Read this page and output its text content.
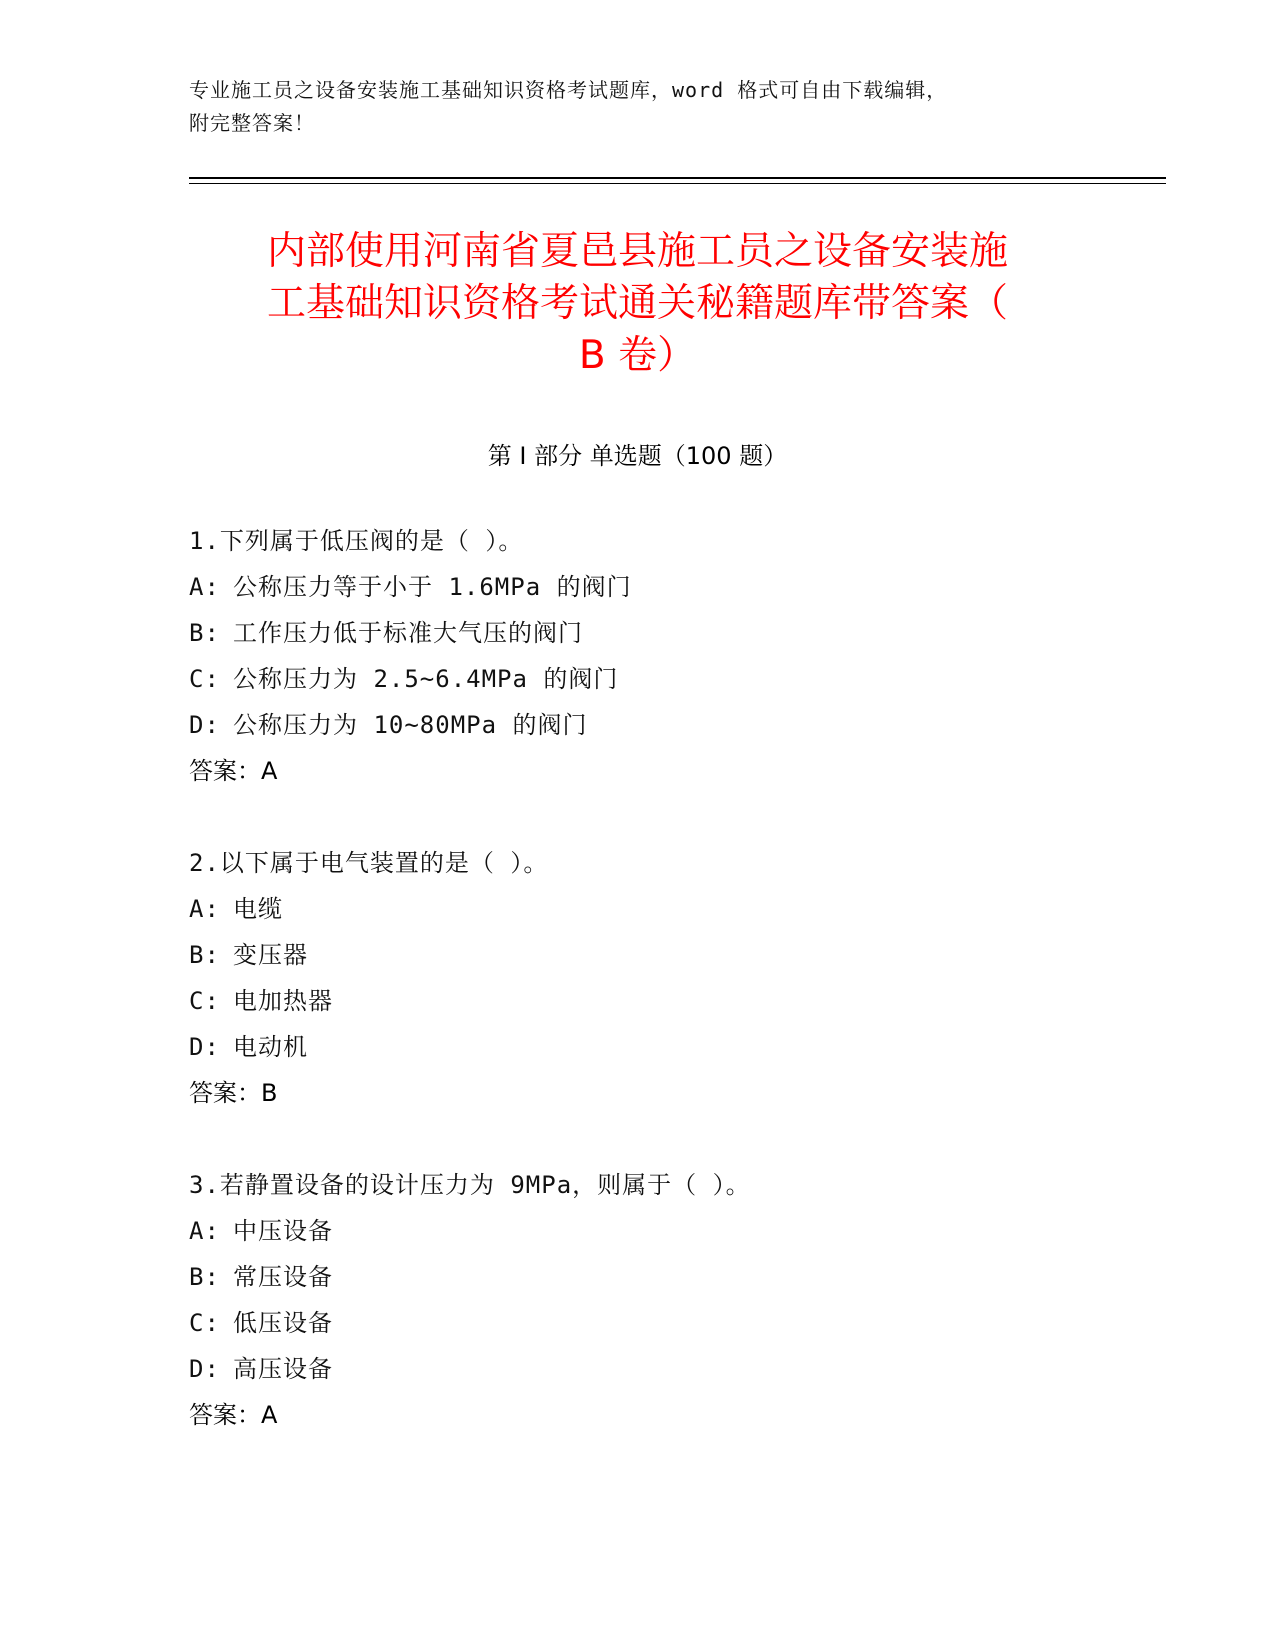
专业施工员之设备安装施工基础知识资格考试题库，word 格式可自由下载编辑，
附完整答案！
内部使用河南省夏邑县施工员之设备安装施
工基础知识资格考试通关秘籍题库带答案（
B 卷）
第 I 部分 单选题（100 题）
1.下列属于低压阀的是（ ）。
A: 公称压力等于小于 1.6MPa 的阀门
B: 工作压力低于标准大气压的阀门
C: 公称压力为 2.5~6.4MPa 的阀门
D: 公称压力为 10~80MPa 的阀门
答案：A
2.以下属于电气装置的是（ ）。
A: 电缆
B: 变压器
C: 电加热器
D: 电动机
答案：B
3.若静置设备的设计压力为 9MPa，则属于（ ）。
A: 中压设备
B: 常压设备
C: 低压设备
D: 高压设备
答案：A
